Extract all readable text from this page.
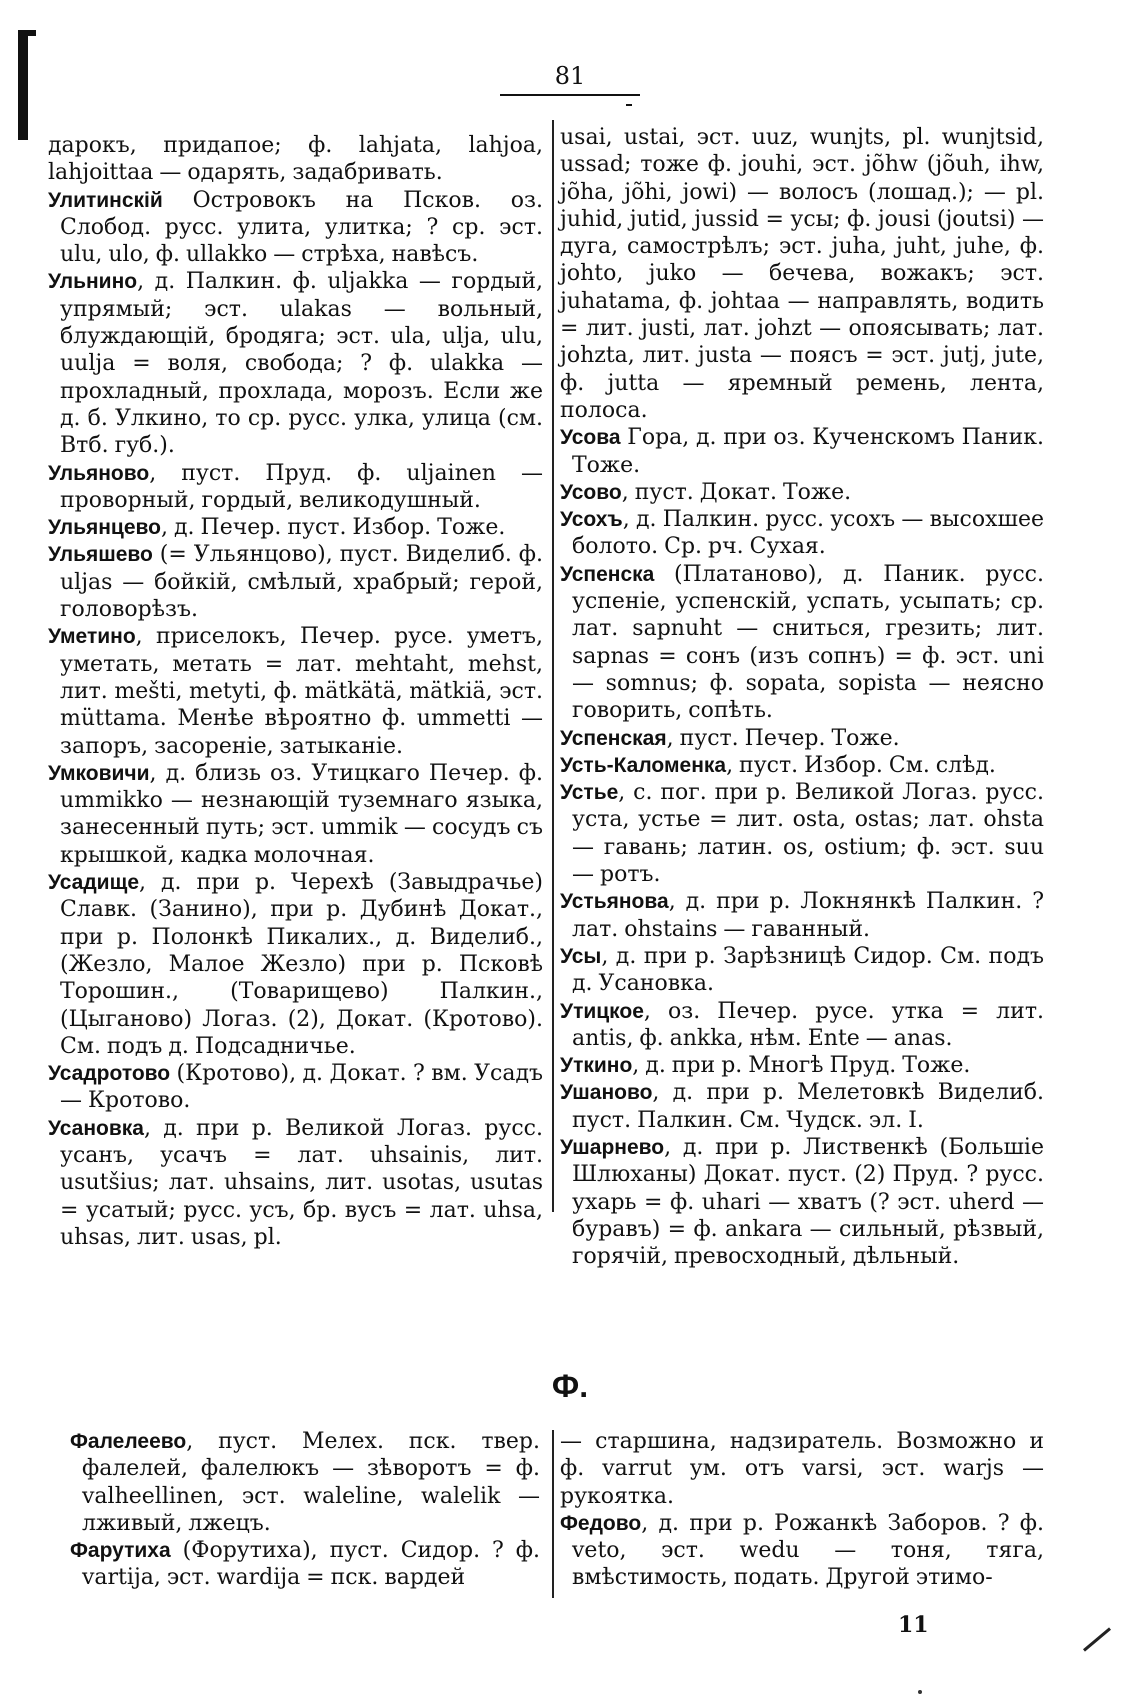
81

дарокъ, придапое; ф. lahjata, lahjoa, lahjoittaa — одарять, задабривать.

Улитинскій Островокъ на Псков. оз. Слобод. русс. улита, улитка; ? ср. эст. ulu, ulo, ф. ullakko — стрѣха, навѣсъ.

Ульнино, д. Палкин. ф. uljakka — гордый, упрямый; эст. ulakas — вольный, блуждающій, бродяга; эст. ula, ulja, ulu, uulja = воля, свобода; ? ф. ulakka — прохладный, прохлада, морозъ. Если же д. б. Улкино, то ср. русс. улка, улица (см. Втб. губ.).

Ульяново, пуст. Пруд. ф. uljainen — проворный, гордый, великодушный.

Ульянцево, д. Печер. пуст. Избор. Тоже.

Ульяшево (= Ульянцово), пуст. Виделиб. ф. uljas — бойкій, смѣлый, храбрый; герой, головорѣзъ.

Уметино, приселокъ, Печер. русе. уметъ, уметать, метать = лат. mehtaht, mehst, лит. mešti, metyti, ф. mätkätä, mätkiä, эст. müttama. Менѣе вѣроятно ф. ummetti — запоръ, засореніе, затыканіе.

Умковичи, д. близь оз. Утицкаго Печер. ф. ummikko — незнающій туземнаго языка, занесенный путь; эст. ummik — сосудъ съ крышкой, кадка молочная.

Усадище, д. при р. Черехѣ (Завыдрачье) Славк. (Занино), при р. Дубинѣ Докат., при р. Полонкѣ Пикалих., д. Виделиб., (Жезло, Малое Жезло) при р. Псковѣ Торошин., (Товарищево) Палкин., (Цыганово) Логаз. (2), Докат. (Кротово). См. подъ д. Подсадничье.

Усадротово (Кротово), д. Докат. ? вм. Усадъ — Кротово.

Усановка, д. при р. Великой Логаз. русс. усанъ, усачъ = лат. uhsainis, лит. usutšius; лат. uhsains, лит. usotas, usutas = усатый; русс. усъ, бр. вусъ = лат. uhsa, uhsas, лит. usas, pl.

usai, ustai, эст. uuz, wunjts, pl. wunjtsid, ussad; тоже ф. jouhi, эст. jõhw (jõuh, ihw, jõha, jõhi, jowi) — волосъ (лошад.); — pl. juhid, jutid, jussid = усы; ф. jousi (joutsi) — дуга, самострѣлъ; эст. juha, juht, juhe, ф. johto, juko — бечева, вожакъ; эст. juhatama, ф. johtaa — направлять, водить = лит. justi, лат. johzt — опоясывать; лат. johzta, лит. justa — поясъ = эст. jutj, jute, ф. jutta — яремный ремень, лента, полоса.

Усова Гора, д. при оз. Кученскомъ Паник. Тоже.

Усово, пуст. Докат. Тоже.

Усохъ, д. Палкин. русс. усохъ — высохшее болото. Ср. рч. Сухая.

Успенска (Платаново), д. Паник. русс. успеніе, успенскій, успать, усыпать; ср. лат. sapnuht — сниться, грезить; лит. sapnas = сонъ (изъ сопнъ) = ф. эст. uni — somnus; ф. sopata, sopista — неясно говорить, сопѣть.

Успенская, пуст. Печер. Тоже.

Усть-Каломенка, пуст. Избор. См. слѣд.

Устье, с. пог. при р. Великой Логаз. русс. уста, устье = лит. osta, ostas; лат. ohsta — гавань; латин. os, ostium; ф. эст. suu — ротъ.

Устьянова, д. при р. Локнянкѣ Палкин. ? лат. ohstains — гаванный.

Усы, д. при р. Зарѣзницѣ Сидор. См. подъ д. Усановка.

Утицкое, оз. Печер. русе. утка = лит. antis, ф. ankka, нѣм. Ente — anas.

Уткино, д. при р. Многѣ Пруд. Тоже.

Ушаново, д. при р. Мелетовкѣ Виделиб. пуст. Палкин. См. Чудск. эл. I.

Ушарнево, д. при р. Лиственкѣ (Большіе Шлюханы) Докат. пуст. (2) Пруд. ? русс. ухарь = ф. uhari — хватъ (? эст. uherd — буравъ) = ф. ankara — сильный, рѣзвый, горячій, превосходный, дѣльный.

Ф.

Фалелеево, пуст. Мелех. пск. твер. фалелей, фалелюкъ — зѣворотъ = ф. valheellinen, эст. waleline, walelik — лживый, лжецъ.

Фарутиха (Форутиха), пуст. Сидор. ? ф. vartija, эст. wardija = пск. вардей

— старшина, надзиратель. Возможно и ф. varrut ум. отъ varsi, эст. warjs — рукоятка.

Федово, д. при р. Рожанкѣ Заборов. ? ф. veto, эст. wedu — тоня, тяга, вмѣстимость, подать. Другой этимо-

11
